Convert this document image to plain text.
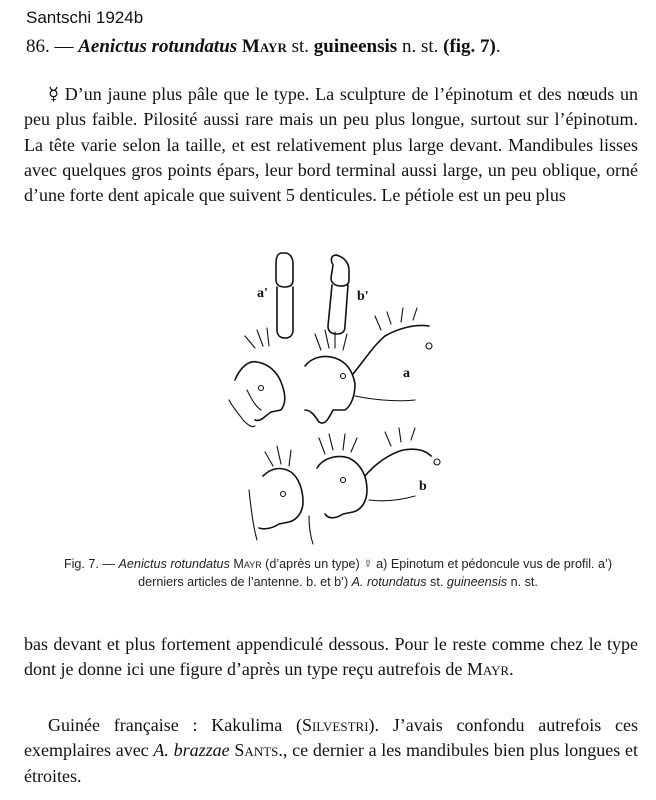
Santschi 1924b
86. — Aenictus rotundatus Mayr st. guineensis n. st. (fig. 7).

☿ D’un jaune plus pâle que le type. La sculpture de l’épinotum et des nœuds un peu plus faible. Pilosité aussi rare mais un peu plus longue, surtout sur l’épinotum. La tête varie selon la taille, et est relativement plus large devant. Mandibules lisses avec quelques gros points épars, leur bord terminal aussi large, un peu oblique, orné d’une forte dent apicale que suivent 5 denticules. Le pétiole est un peu plus

a'	b'
a
b
Fig. 7. — Aenictus rotundatus Mayr (d’après un type) ☿ a) Epinotum et pédoncule vus de profil. a’) derniers articles de l’antenne. b. et b’) A. rotundatus st. guineensis n. st.

bas devant et plus fortement appendiculé dessous. Pour le reste comme chez le type dont je donne ici une figure d’après un type reçu autrefois de Mayr.

Guinée française : Kakulima (Silvestri). J’avais confondu autrefois ces exemplaires avec A. brazzae Sants., ce dernier a les mandibules bien plus longues et étroites.
